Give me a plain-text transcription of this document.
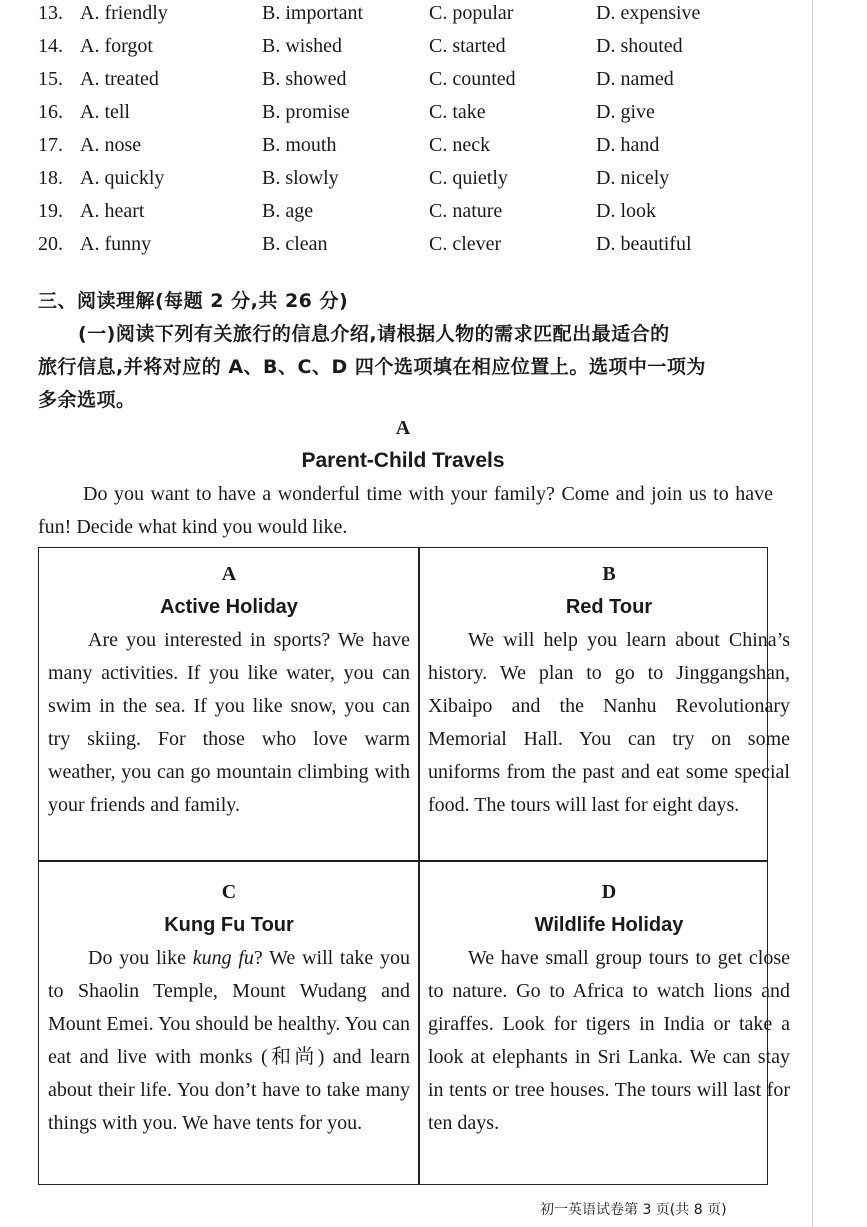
13. A. friendly	B. important	C. popular	D. expensive
14. A. forgot	B. wished	C. started	D. shouted
15. A. treated	B. showed	C. counted	D. named
16. A. tell	B. promise	C. take	D. give
17. A. nose	B. mouth	C. neck	D. hand
18. A. quickly	B. slowly	C. quietly	D. nicely
19. A. heart	B. age	C. nature	D. look
20. A. funny	B. clean	C. clever	D. beautiful
三、阅读理解(每题 2 分,共 26 分)
(一)阅读下列有关旅行的信息介绍,请根据人物的需求匹配出最适合的
旅行信息,并将对应的 A、B、C、D 四个选项填在相应位置上。选项中一项为
多余选项。
A
Parent-Child Travels
Do you want to have a wonderful time with your family? Come and join us to have fun! Decide what kind you would like.
A
Active Holiday
Are you interested in sports? We have many activities. If you like water, you can swim in the sea. If you like snow, you can try skiing. For those who love warm weather, you can go mountain climbing with your friends and family.
B
Red Tour
We will help you learn about China’s history. We plan to go to Jinggangshan, Xibaipo and the Nanhu Revolutionary Memorial Hall. You can try on some uniforms from the past and eat some special food. The tours will last for eight days.
C
Kung Fu Tour
Do you like kung fu? We will take you to Shaolin Temple, Mount Wudang and Mount Emei. You should be healthy. You can eat and live with monks (和尚) and learn about their life. You don’t have to take many things with you. We have tents for you.
D
Wildlife Holiday
We have small group tours to get close to nature. Go to Africa to watch lions and giraffes. Look for tigers in India or take a look at elephants in Sri Lanka. We can stay in tents or tree houses. The tours will last for ten days.
初一英语试卷第 3 页(共 8 页)
